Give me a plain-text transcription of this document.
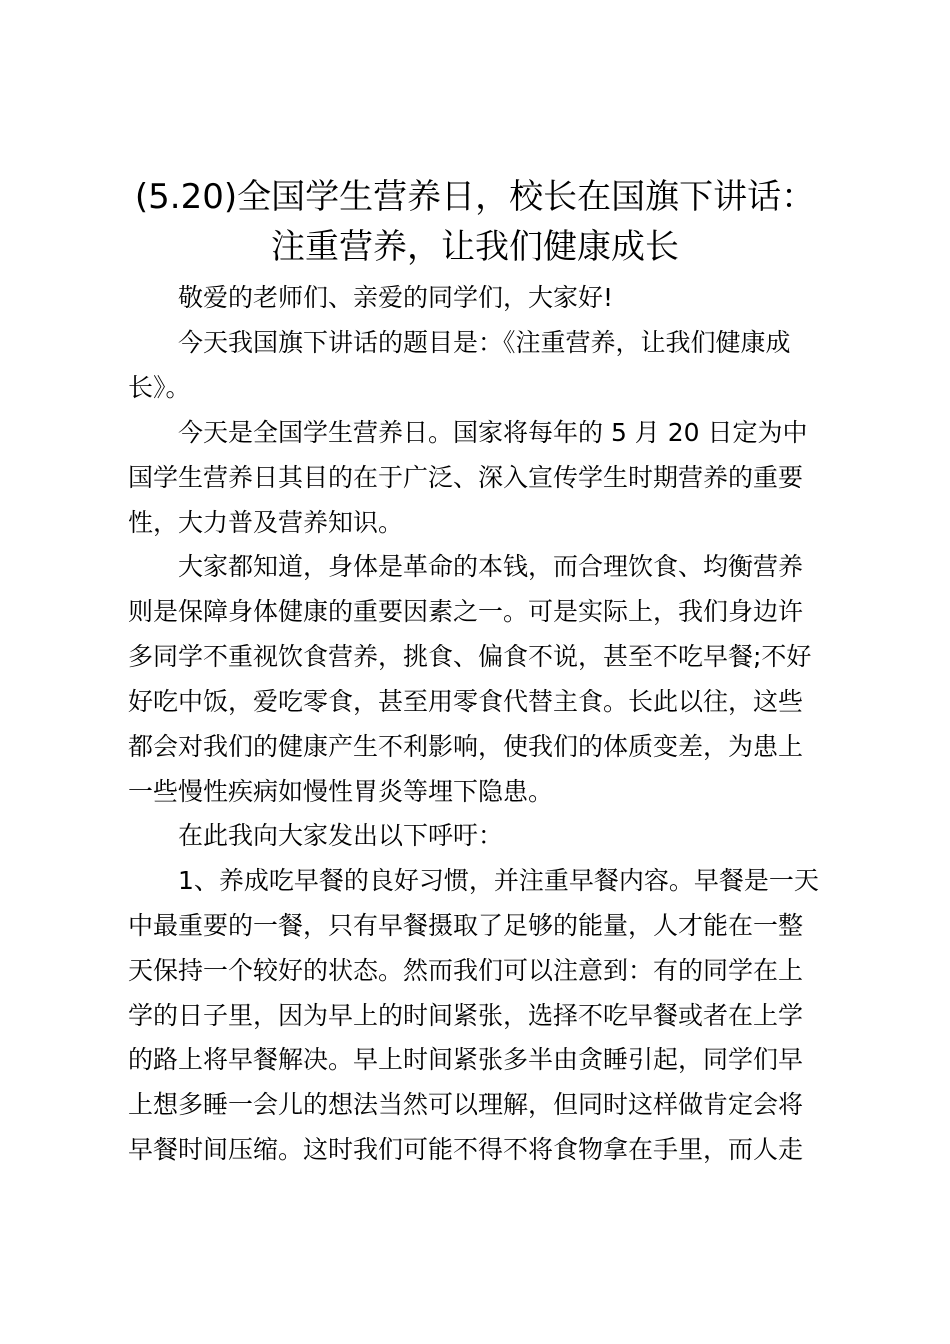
(5.20)全国学生营养日，校长在国旗下讲话：
注重营养，让我们健康成长
敬爱的老师们、亲爱的同学们，大家好!
今天我国旗下讲话的题目是：《注重营养，让我们健康成
长》。
今天是全国学生营养日。国家将每年的 5 月 20 日定为中
国学生营养日其目的在于广泛、深入宣传学生时期营养的重要
性，大力普及营养知识。
大家都知道，身体是革命的本钱，而合理饮食、均衡营养
则是保障身体健康的重要因素之一。可是实际上，我们身边许
多同学不重视饮食营养，挑食、偏食不说，甚至不吃早餐;不好
好吃中饭，爱吃零食，甚至用零食代替主食。长此以往，这些
都会对我们的健康产生不利影响，使我们的体质变差，为患上
一些慢性疾病如慢性胃炎等埋下隐患。
在此我向大家发出以下呼吁：
1、养成吃早餐的良好习惯，并注重早餐内容。早餐是一天
中最重要的一餐，只有早餐摄取了足够的能量，人才能在一整
天保持一个较好的状态。然而我们可以注意到：有的同学在上
学的日子里，因为早上的时间紧张，选择不吃早餐或者在上学
的路上将早餐解决。早上时间紧张多半由贪睡引起，同学们早
上想多睡一会儿的想法当然可以理解，但同时这样做肯定会将
早餐时间压缩。这时我们可能不得不将食物拿在手里，而人走
